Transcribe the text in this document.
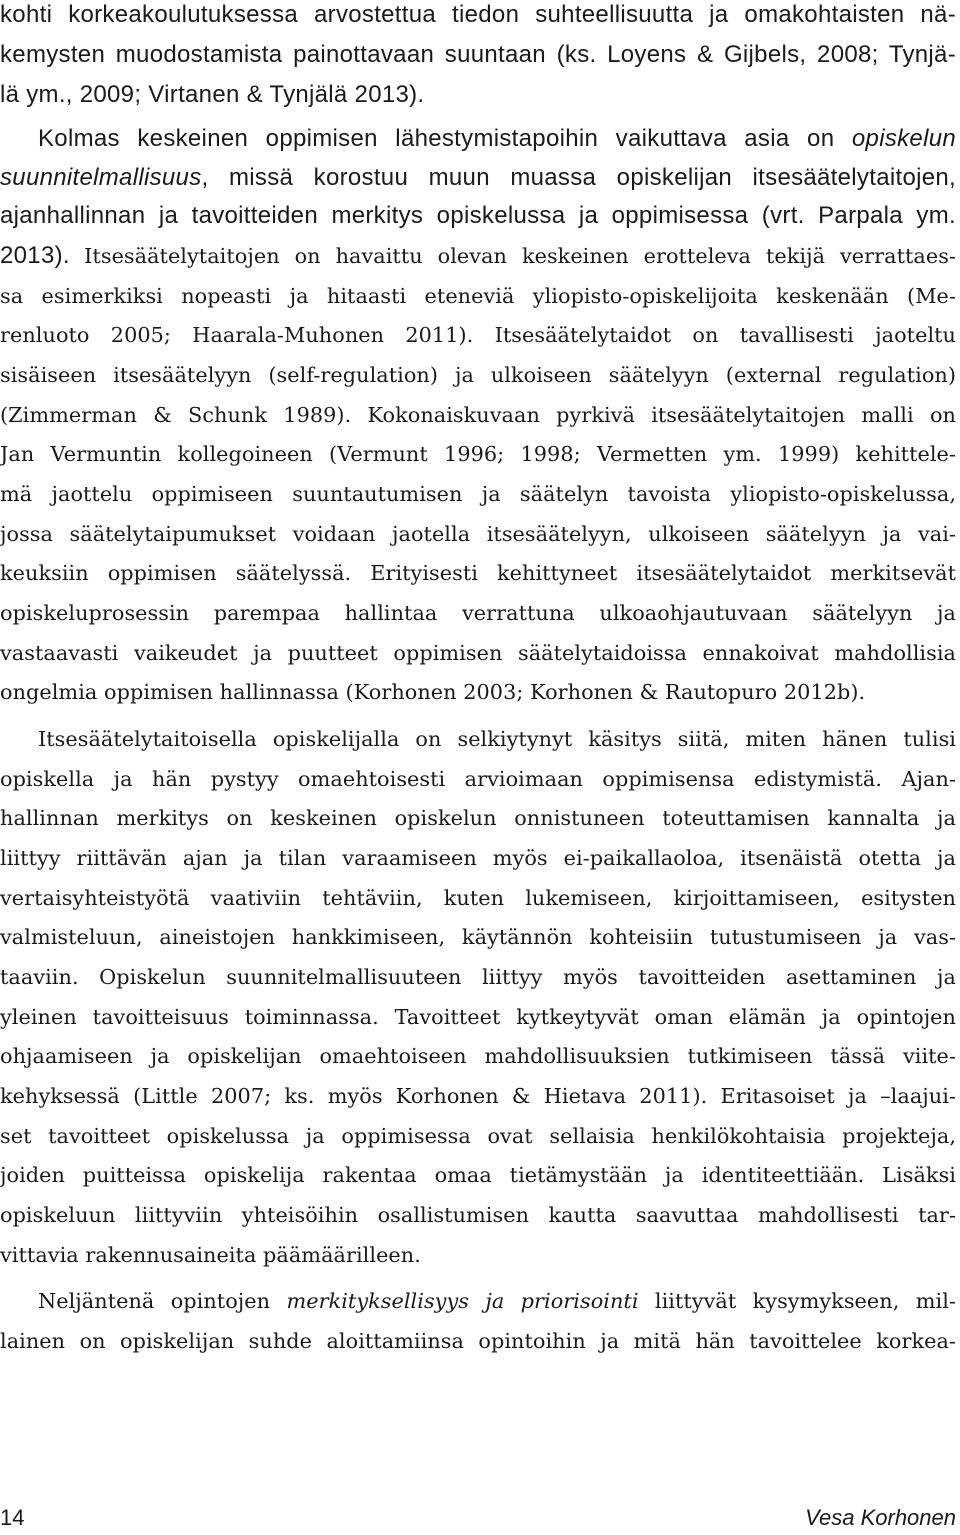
kohti korkeakoulutuksessa arvostettua tiedon suhteellisuutta ja omakohtaisten nä-
kemysten muodostamista painottavaan suuntaan (ks. Loyens & Gijbels, 2008; Tynjä-
lä ym., 2009; Virtanen & Tynjälä 2013).
Kolmas keskeinen oppimisen lähestymistapoihin vaikuttava asia on opiskelun
suunnitelmallisuus, missä korostuu muun muassa opiskelijan itsesäätelytaitojen,
ajanhallinnan ja tavoitteiden merkitys opiskelussa ja oppimisessa (vrt. Parpala ym.
2013). Itsesäätelytaitojen on havaittu olevan keskeinen erotteleva tekijä verrattaes-
sa esimerkiksi nopeasti ja hitaasti eteneviä yliopisto-opiskelijoita keskenään (Me-
renluoto 2005; Haarala-Muhonen 2011). Itsesäätelytaidot on tavallisesti jaoteltu
sisäiseen itsesäätelyyn (self-regulation) ja ulkoiseen säätelyyn (external regulation)
(Zimmerman & Schunk 1989). Kokonaiskuvaan pyrkivä itsesäätelytaitojen malli on
Jan Vermuntin kollegoineen (Vermunt 1996; 1998; Vermetten ym. 1999) kehittele-
mä jaottelu oppimiseen suuntautumisen ja säätelyn tavoista yliopisto-opiskelussa,
jossa säätelytaipumukset voidaan jaotella itsesäätelyyn, ulkoiseen säätelyyn ja vai-
keuksiin oppimisen säätelyssä. Erityisesti kehittyneet itsesäätelytaidot merkitsevät
opiskeluprosessin parempaa hallintaa verrattuna ulkoaohjautuvaan säätelyyn ja
vastaavasti vaikeudet ja puutteet oppimisen säätelytaidoissa ennakoivat mahdollisia
ongelmia oppimisen hallinnassa (Korhonen 2003; Korhonen & Rautopuro 2012b).
Itsesäätelytaitoisella opiskelijalla on selkiytynyt käsitys siitä, miten hänen tulisi
opiskella ja hän pystyy omaehtoisesti arvioimaan oppimisensa edistymistä. Ajan-
hallinnan merkitys on keskeinen opiskelun onnistuneen toteuttamisen kannalta ja
liittyy riittävän ajan ja tilan varaamiseen myös ei-paikallaoloa, itsenäistä otetta ja
vertaisyhteistyötä vaativiin tehtäviin, kuten lukemiseen, kirjoittamiseen, esitysten
valmisteluun, aineistojen hankkimiseen, käytännön kohteisiin tutustumiseen ja vas-
taaviin. Opiskelun suunnitelmallisuuteen liittyy myös tavoitteiden asettaminen ja
yleinen tavoitteisuus toiminnassa. Tavoitteet kytkeytyvät oman elämän ja opintojen
ohjaamiseen ja opiskelijan omaehtoiseen mahdollisuuksien tutkimiseen tässä viite-
kehyksessä (Little 2007; ks. myös Korhonen & Hietava 2011). Eritasoiset ja –laajui-
set tavoitteet opiskelussa ja oppimisessa ovat sellaisia henkilökohtaisia projekteja,
joiden puitteissa opiskelija rakentaa omaa tietämystään ja identiteettiään. Lisäksi
opiskeluun liittyviin yhteisöihin osallistumisen kautta saavuttaa mahdollisesti tar-
vittavia rakennusaineita päämäärilleen.
Neljäntenä opintojen merkityksellisyys ja priorisointi liittyvät kysymykseen, mil-
lainen on opiskelijan suhde aloittamiinsa opintoihin ja mitä hän tavoittelee korkea-
14	Vesa Korhonen
